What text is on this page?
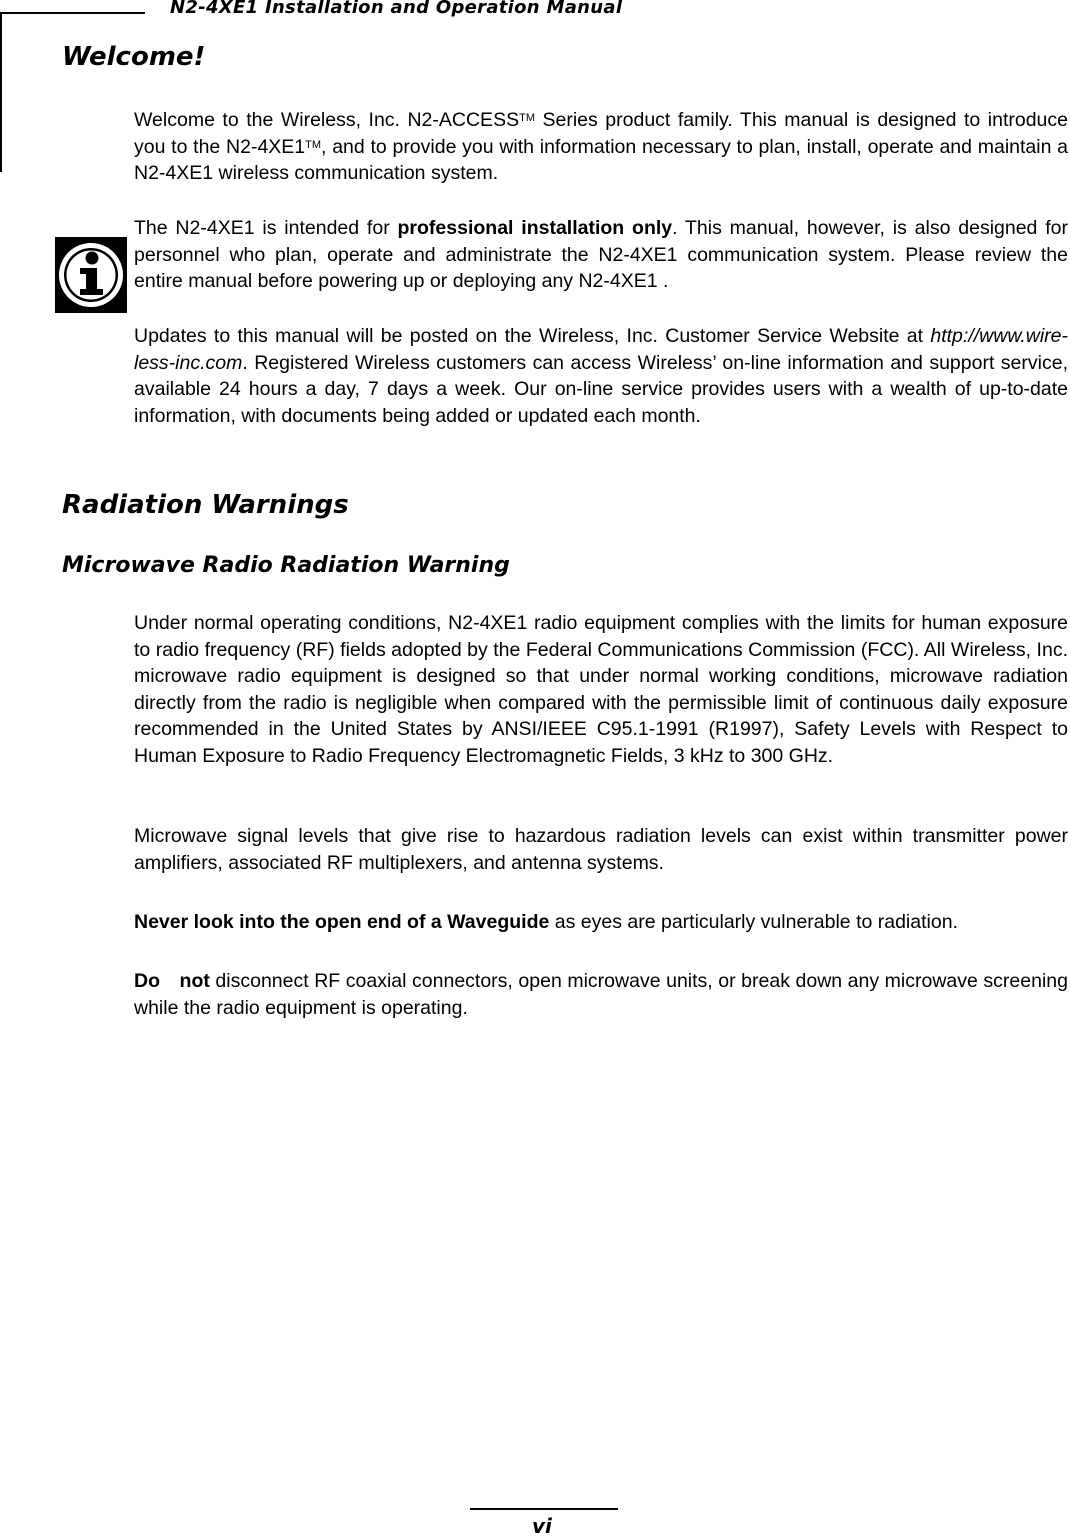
N2-4XE1 Installation and Operation Manual
Welcome!

Welcome to the Wireless, Inc. N2-ACCESS™ Series product family. This manual is designed to introduce you to the N2-4XE1™, and to provide you with information necessary to plan, install, operate and maintain a N2-4XE1 wireless communication system.

The N2-4XE1 is intended for professional installation only. This manual, however, is also designed for personnel who plan, operate and administrate the N2-4XE1 communication system. Please review the entire manual before powering up or deploying any N2-4XE1 .

Updates to this manual will be posted on the Wireless, Inc. Customer Service Website at http://www.wire-less-inc.com. Registered Wireless customers can access Wireless’ on-line information and support service, available 24 hours a day, 7 days a week. Our on-line service provides users with a wealth of up-to-date information, with documents being added or updated each month.

Radiation Warnings
Microwave Radio Radiation Warning

Under normal operating conditions, N2-4XE1 radio equipment complies with the limits for human exposure to radio frequency (RF) fields adopted by the Federal Communications Commission (FCC). All Wireless, Inc. microwave radio equipment is designed so that under normal working conditions, microwave radiation directly from the radio is negligible when compared with the permissible limit of continuous daily exposure recommended in the United States by ANSI/IEEE C95.1-1991 (R1997), Safety Levels with Respect to Human Exposure to Radio Frequency Electromagnetic Fields, 3 kHz to 300 GHz.

Microwave signal levels that give rise to hazardous radiation levels can exist within transmitter power amplifiers, associated RF multiplexers, and antenna systems.

Never look into the open end of a Waveguide as eyes are particularly vulnerable to radiation.

Do not disconnect RF coaxial connectors, open microwave units, or break down any microwave screening while the radio equipment is operating.

vi
